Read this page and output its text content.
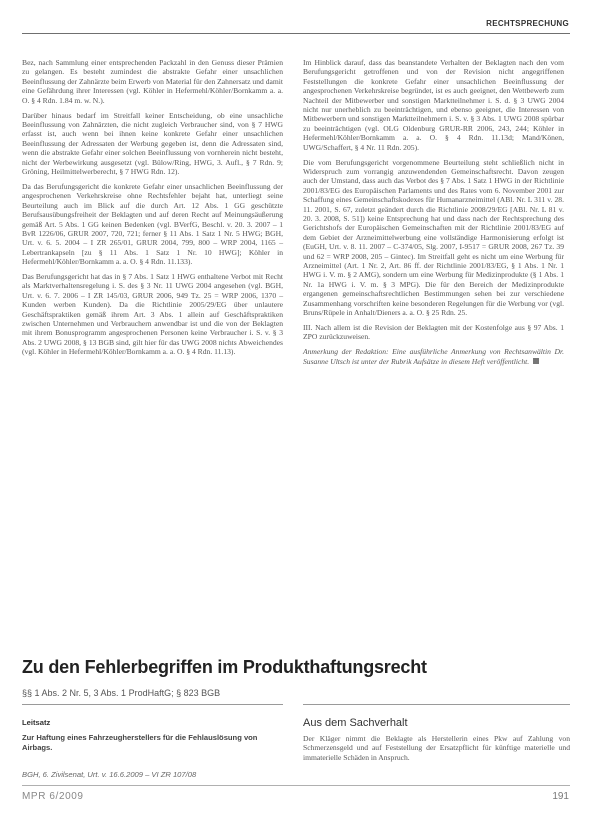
RECHTSPRECHUNG

Bez, nach Sammlung einer entsprechenden Packzahl in den Genuss dieser Prämien zu gelangen. Es besteht zumindest die abstrakte Gefahr einer unsachlichen Beeinflussung der Zahnärzte beim Erwerb von Material für den Zahnersatz und damit eine Gefährdung ihrer Interessen (vgl. Köhler in Hefermehl/Köhler/Bornkamm a. a. O. § 4 Rdn. 1.84 m. w. N.).

Darüber hinaus bedarf im Streitfall keiner Entscheidung, ob eine unsachliche Beeinflussung von Zahnärzten, die nicht zugleich Verbraucher sind, von § 7 HWG erfasst ist, auch wenn bei ihnen keine konkrete Gefahr einer unsachlichen Beeinflussung der Adressaten der Werbung gegeben ist, denn die Adressaten sind, wenn die abstrakte Gefahr einer solchen Beeinflussung von vornherein nicht besteht, nicht der Werbewirkung ausgesetzt (vgl. Bülow/Ring, HWG, 3. Aufl., § 7 Rdn. 9; Gröning, Heilmittelwerberecht, § 7 HWG Rdn. 12).

Da das Berufungsgericht die konkrete Gefahr einer unsachlichen Beeinflussung der angesprochenen Verkehrskreise ohne Rechtsfehler bejaht hat, unterliegt seine Beurteilung auch im Blick auf die durch Art. 12 Abs. 1 GG geschützte Berufsausübungsfreiheit der Beklagten und auf deren Recht auf Meinungsäußerung gemäß Art. 5 Abs. 1 GG keinen Bedenken (vgl. BVerfG, Beschl. v. 20. 3. 2007 – 1 BvR 1226/06, GRUR 2007, 720, 721; ferner § 11 Abs. 1 Satz 1 Nr. 5 HWG; BGH, Urt. v. 6. 5. 2004 – I ZR 265/01, GRUR 2004, 799, 800 – WRP 2004, 1165 – Lebertrankapseln [zu § 11 Abs. 1 Satz 1 Nr. 10 HWG]; Köhler in Hefermehl/Köhler/Bornkamm a. a. O. § 4 Rdn. 11.133).

Das Berufungsgericht hat das in § 7 Abs. 1 Satz 1 HWG enthaltene Verbot mit Recht als Marktverhaltensregelung i. S. des § 3 Nr. 11 UWG 2004 angesehen (vgl. BGH, Urt. v. 6. 7. 2006 – I ZR 145/03, GRUR 2006, 949 Tz. 25 = WRP 2006, 1370 – Kunden werben Kunden). Da die Richtlinie 2005/29/EG über unlautere Geschäftspraktiken gemäß ihrem Art. 3 Abs. 1 allein auf Geschäftspraktiken zwischen Unternehmen und Verbrauchern anwendbar ist und die von der Beklagten mit ihrem Bonusprogramm angesprochenen Personen keine Verbraucher i. S. v. § 3 Abs. 2 UWG 2008, § 13 BGB sind, gilt hier für das UWG 2008 nichts Abweichendes (vgl. Köhler in Hefermehl/Köhler/Bornkamm a. a. O. § 4 Rdn. 11.13).

Im Hinblick darauf, dass das beanstandete Verhalten der Beklagten nach den vom Berufungsgericht getroffenen und von der Revision nicht angegriffenen Feststellungen die konkrete Gefahr einer unsachlichen Beeinflussung der angesprochenen Verkehrskreise begründet, ist es auch geeignet, den Wettbewerb zum Nachteil der Mitbewerber und sonstigen Marktteilnehmer i. S. d. § 3 UWG 2004 nicht nur unerheblich zu beeinträchtigen, und ebenso geeignet, die Interessen von Mitbewerbern und sonstigen Marktteilnehmern i. S. v. § 3 Abs. 1 UWG 2008 spürbar zu beeinträchtigen (vgl. OLG Oldenburg GRUR-RR 2006, 243, 244; Köhler in Hefermehl/Köhler/Bornkamm a. a. O. § 4 Rdn. 11.13d; Mand/Könen, UWG/Schaffert, § 4 Nr. 11 Rdn. 205).

Die vom Berufungsgericht vorgenommene Beurteilung steht schließlich nicht in Widerspruch zum vorrangig anzuwendenden Gemeinschaftsrecht. Davon zeugen auch der Umstand, dass auch das Verbot des § 7 Abs. 1 Satz 1 HWG in der Richtlinie 2001/83/EG des Europäischen Parlaments und des Rates vom 6. November 2001 zur Schaffung eines Gemeinschaftskodexes für Humanarzneimittel (ABl. Nr. L 311 v. 28. 11. 2001, S. 67, zuletzt geändert durch die Richtlinie 2008/29/EG [ABl. Nr. L 81 v. 20. 3. 2008, S. 51]) keine Entsprechung hat und dass nach der Rechtsprechung des Gerichtshofs der Europäischen Gemeinschaften mit der Richtlinie 2001/83/EG auf dem Gebiet der Arzneimittelwerbung eine vollständige Harmonisierung erfolgt ist (EuGH, Urt. v. 8. 11. 2007 – C-374/05, Slg. 2007, I-9517 = GRUR 2008, 267 Tz. 39 und 62 = WRP 2008, 205 – Gintec). Im Streitfall geht es nicht um eine Werbung für Arzneimittel (Art. 1 Nr. 2, Art. 86 ff. der Richtlinie 2001/83/EG, § 1 Abs. 1 Nr. 1 HWG i. V. m. § 2 AMG), sondern um eine Werbung für Medizinprodukte (§ 1 Abs. 1 Nr. 1a HWG i. V. m. § 3 MPG). Die für den Bereich der Medizinprodukte ergangenen gemeinschaftsrechtlichen Bestimmungen sehen bei zur verschiedene Zusammenhang vorschriften keine besonderen Regelungen für die Werbung vor (vgl. Bruns/Rüpele in Anhalt/Dieners a. a. O. § 25 Rdn. 25.

III. Nach allem ist die Revision der Beklagten mit der Kostenfolge aus § 97 Abs. 1 ZPO zurückzuweisen.

Anmerkung der Redaktion: Eine ausführliche Anmerkung von Rechtsanwältin Dr. Susanne Ultsch ist unter der Rubrik Aufsätze in diesem Heft veröffentlicht.

Zu den Fehlerbegriffen im Produkthaftungsrecht

§§ 1 Abs. 2 Nr. 5, 3 Abs. 1 ProdHaftG; § 823 BGB

Leitsatz

Zur Haftung eines Fahrzeugherstellers für die Fehlauslösung von Airbags.

BGH, 6. Zivilsenat, Urt. v. 16.6.2009 – VI ZR 107/08

Aus dem Sachverhalt

Der Kläger nimmt die Beklagte als Herstellerin eines Pkw auf Zahlung von Schmerzensgeld und auf Feststellung der Ersatzpflicht für künftige materielle und immaterielle Schäden in Anspruch.

MPR 6/2009	191
